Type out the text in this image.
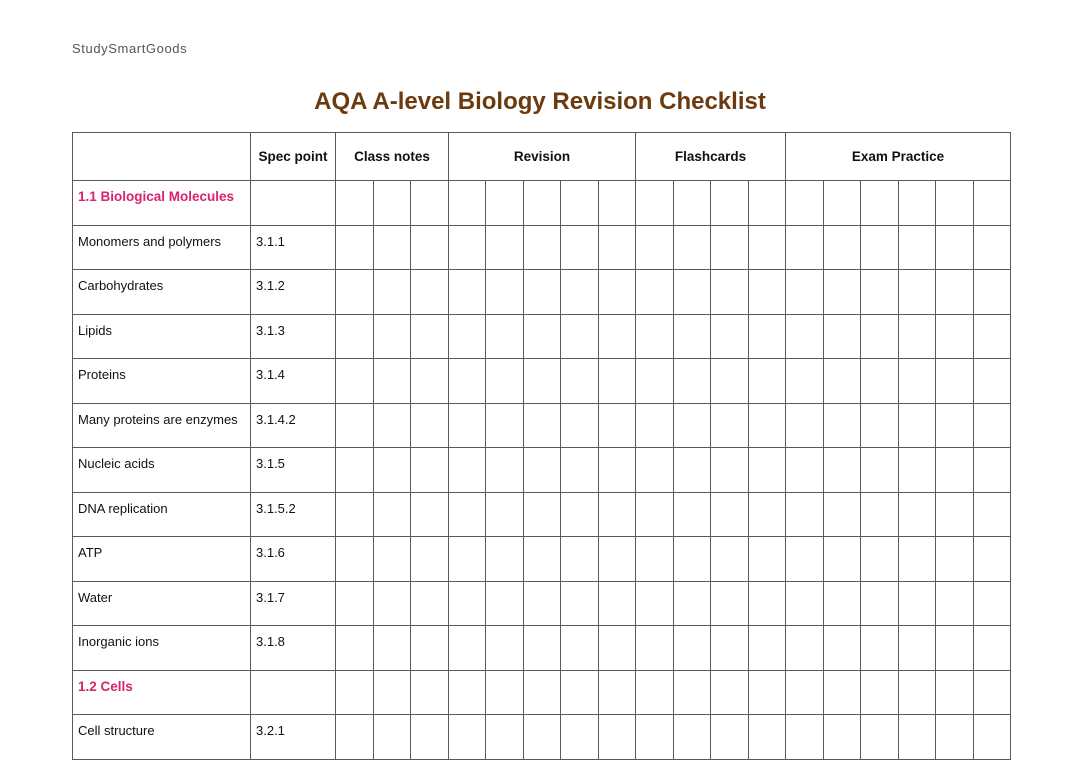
StudySmartGoods
AQA A-level Biology Revision Checklist
	Spec point	Class notes			Revision					Flashcards				Exam Practice					
1.1 Biological Molecules																			
Monomers and polymers	3.1.1																		
Carbohydrates	3.1.2																		
Lipids	3.1.3																		
Proteins	3.1.4																		
Many proteins are enzymes	3.1.4.2																		
Nucleic acids	3.1.5																		
DNA replication	3.1.5.2																		
ATP	3.1.6																		
Water	3.1.7																		
Inorganic ions	3.1.8																		
1.2 Cells																			
Cell structure	3.2.1																		
